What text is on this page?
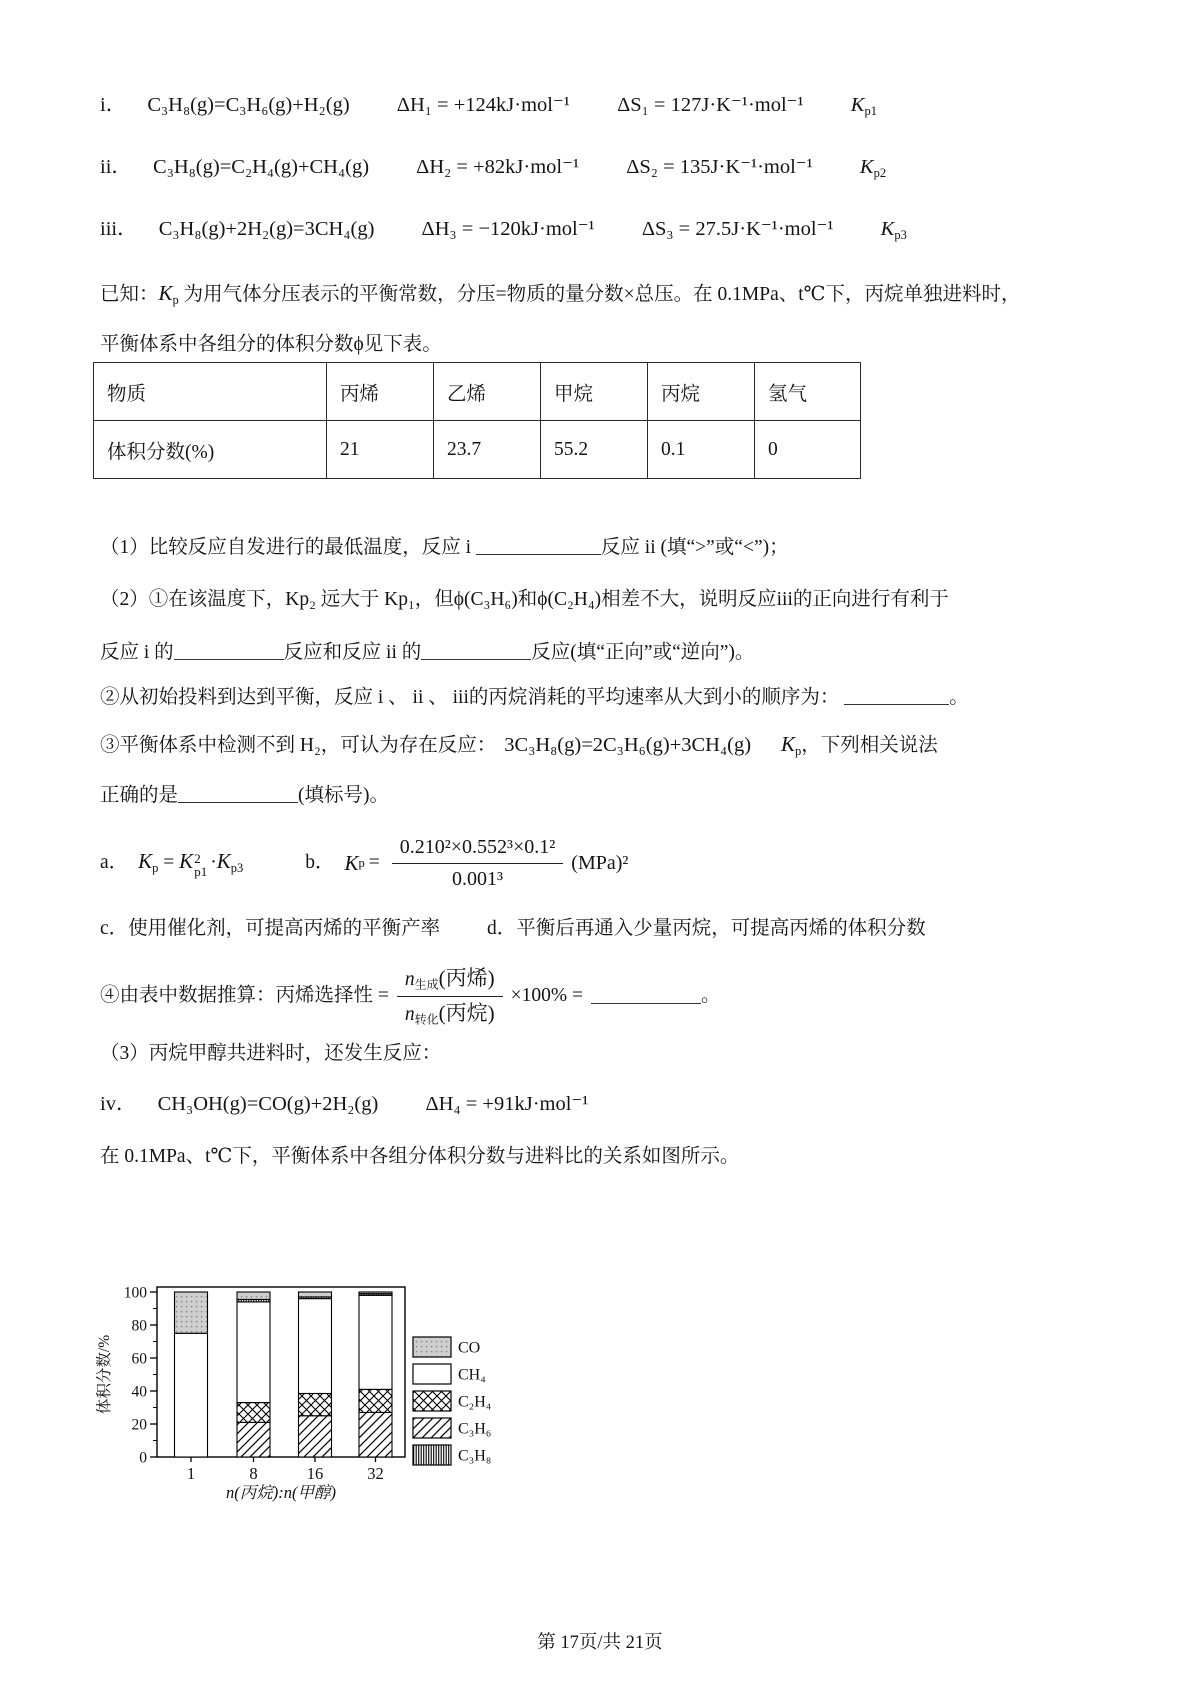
i． C₃H₈(g)=C₃H₆(g)+H₂(g) ΔH₁ = +124kJ·mol⁻¹ ΔS₁ = 127J·K⁻¹·mol⁻¹ $K_{p1}$
ii． C₃H₈(g)=C₂H₄(g)+CH₄(g) ΔH₂ = +82kJ·mol⁻¹ ΔS₂ = 135J·K⁻¹·mol⁻¹ $K_{p2}$
iii． C₃H₈(g)+2H₂(g)=3CH₄(g) ΔH₃ = −120kJ·mol⁻¹ ΔS₃ = 27.5J·K⁻¹·mol⁻¹ $K_{p3}$
已知：$K_p$ 为用气体分压表示的平衡常数，分压=物质的量分数×总压。在 0.1MPa、t℃下，丙烷单独进料时，
平衡体系中各组分的体积分数ϕ见下表。
物质	丙烯	乙烯	甲烷	丙烷	氢气
体积分数(%)	21	23.7	55.2	0.1	0
（1）比较反应自发进行的最低温度，反应 i	反应 ii (填“>”或“<”)；
（2）①在该温度下，Kp₂ 远大于 Kp₁，但ϕ(C₃H₆)和ϕ(C₂H₄)相差不大，说明反应iii的正向进行有利于
反应 i 的	反应和反应 ii 的	反应(填“正向”或“逆向”)。
②从初始投料到达到平衡，反应 i 、 ii 、 iii的丙烷消耗的平均速率从大到小的顺序为：	。
③平衡体系中检测不到 H₂，可认为存在反应： 3C₃H₈(g)=2C₃H₆(g)+3CH₄(g) $K_p$，下列相关说法
正确的是	(填标号)。
a． $K_p = K$ 2
$p1 \cdot K_{p3}$	b． K $p = \frac{\text{0.210²×0.552³×0.1²}}{\text{0.001³}} (MPa)^2$
c．使用催化剂，可提高丙烯的平衡产率 d．平衡后再通入少量丙烷，可提高丙烯的体积分数
④由表中数据推算：丙烯选择性 = $\frac{n_{生成}(丙烯)}{n_{转化}(丙烷)} \times 100\%$ =	。
（3）丙烷甲醇共进料时，还发生反应：
iv． CH₃OH(g)=CO(g)+2H₂(g) ΔH₄ = +91kJ·mol⁻¹
在 0.1MPa、t℃下，平衡体系中各组分体积分数与进料比的关系如图所示。
0
20
40
60
80
100
1	8	16	32
n(丙烷):n(甲醇)
体积分数/%	CO
CH₄
C₂H₄
C₃H₆
C₃H₈
第 17页/共 21页
